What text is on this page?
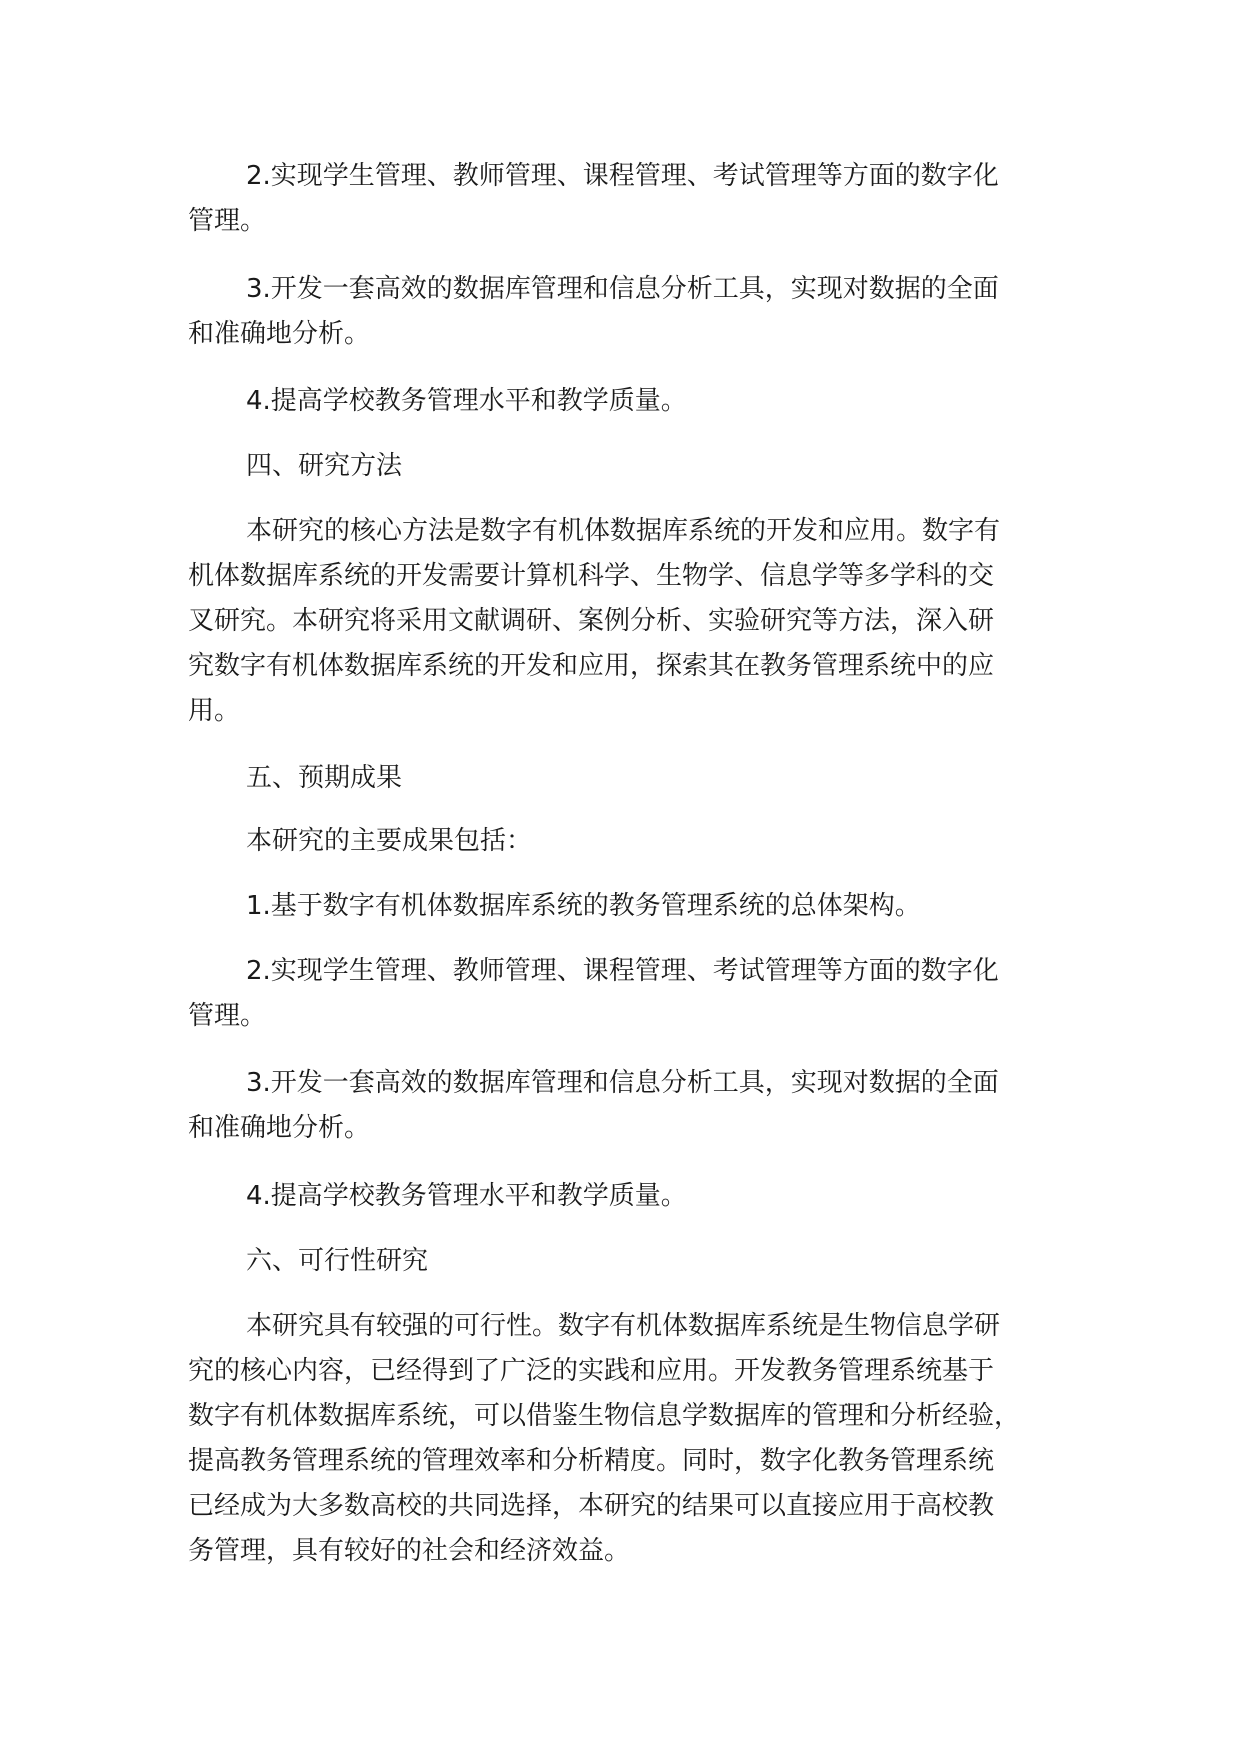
2.实现学生管理、教师管理、课程管理、考试管理等方面的数字化
管理。
3.开发一套高效的数据库管理和信息分析工具，实现对数据的全面
和准确地分析。
4.提高学校教务管理水平和教学质量。
四、研究方法
本研究的核心方法是数字有机体数据库系统的开发和应用。数字有
机体数据库系统的开发需要计算机科学、生物学、信息学等多学科的交
叉研究。本研究将采用文献调研、案例分析、实验研究等方法，深入研
究数字有机体数据库系统的开发和应用，探索其在教务管理系统中的应
用。
五、预期成果
本研究的主要成果包括：
1.基于数字有机体数据库系统的教务管理系统的总体架构。
2.实现学生管理、教师管理、课程管理、考试管理等方面的数字化
管理。
3.开发一套高效的数据库管理和信息分析工具，实现对数据的全面
和准确地分析。
4.提高学校教务管理水平和教学质量。
六、可行性研究
本研究具有较强的可行性。数字有机体数据库系统是生物信息学研
究的核心内容，已经得到了广泛的实践和应用。开发教务管理系统基于
数字有机体数据库系统，可以借鉴生物信息学数据库的管理和分析经验，
提高教务管理系统的管理效率和分析精度。同时，数字化教务管理系统
已经成为大多数高校的共同选择，本研究的结果可以直接应用于高校教
务管理，具有较好的社会和经济效益。
